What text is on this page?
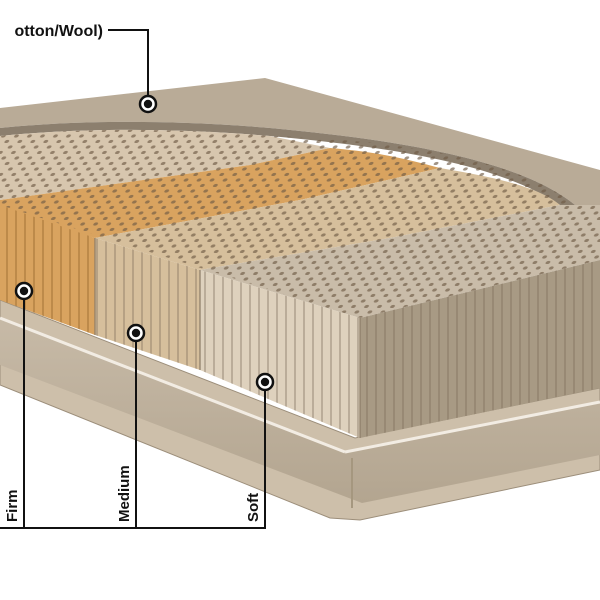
otton/Wool)
Firm	Medium	Soft
